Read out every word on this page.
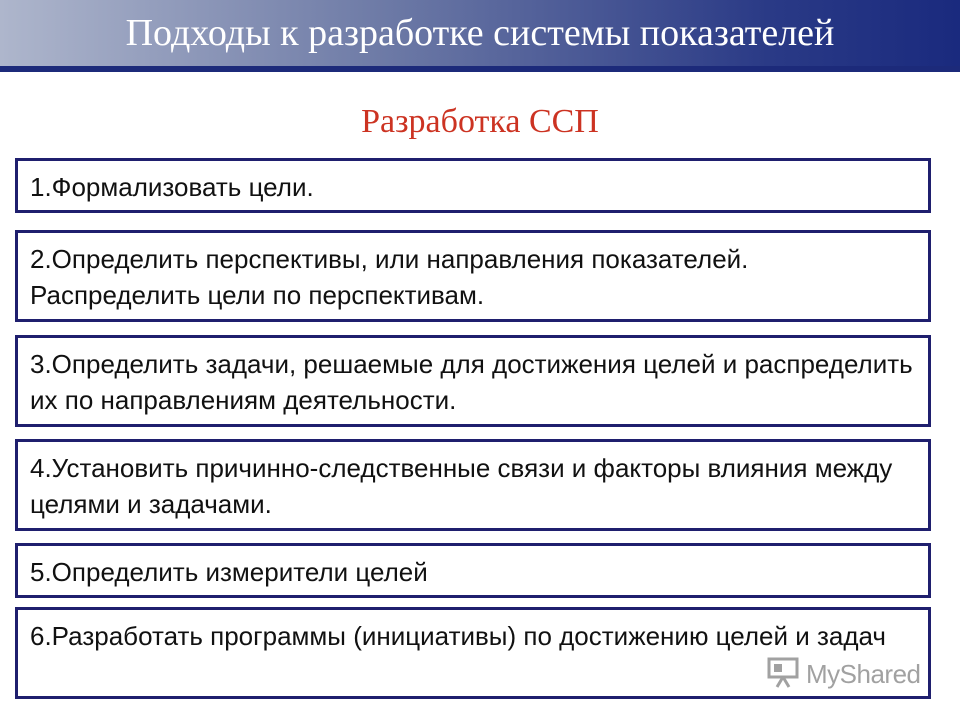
Подходы к разработке системы показателей
Разработка ССП
1.Формализовать цели.
2.Определить перспективы, или направления показателей. Распределить цели по перспективам.
3.Определить задачи, решаемые для достижения целей и распределить их по направлениям деятельности.
4.Установить причинно-следственные связи и факторы влияния между целями и задачами.
5.Определить измерители целей
6.Разработать программы (инициативы) по достижению целей и задач
MyShared
